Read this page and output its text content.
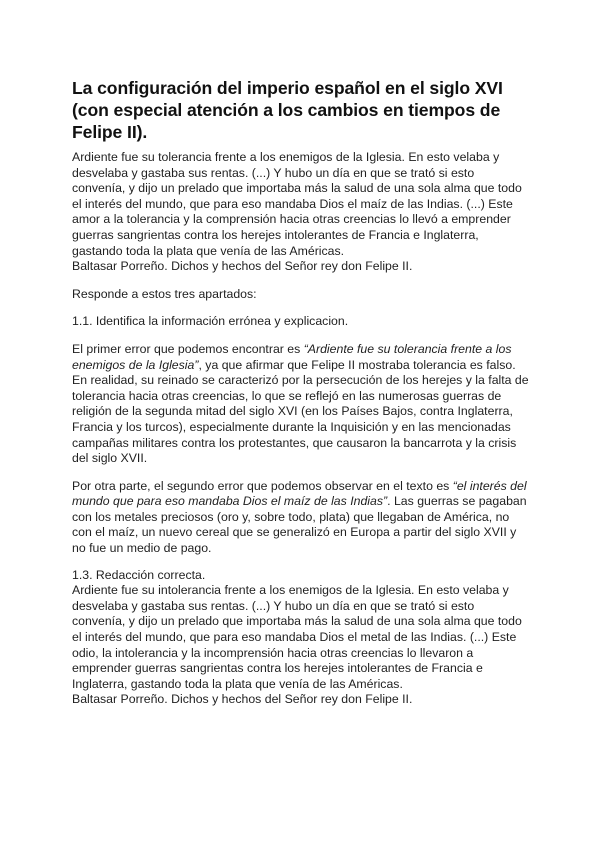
La configuración del imperio español en el siglo XVI (con especial atención a los cambios en tiempos de Felipe II).

Ardiente fue su tolerancia frente a los enemigos de la Iglesia. En esto velaba y desvelaba y gastaba sus rentas. (...) Y hubo un día en que se trató si esto convenía, y dijo un prelado que importaba más la salud de una sola alma que todo el interés del mundo, que para eso mandaba Dios el maíz de las Indias. (...) Este amor a la tolerancia y la comprensión hacia otras creencias lo llevó a emprender guerras sangrientas contra los herejes intolerantes de Francia e Inglaterra, gastando toda la plata que venía de las Américas.

Baltasar Porreño. Dichos y hechos del Señor rey don Felipe II.

Responde a estos tres apartados:

1.1. Identifica la información errónea y explicacion.

El primer error que podemos encontrar es “Ardiente fue su tolerancia frente a los enemigos de la Iglesia”, ya que afirmar que Felipe II mostraba tolerancia es falso. En realidad, su reinado se caracterizó por la persecución de los herejes y la falta de tolerancia hacia otras creencias, lo que se reflejó en las numerosas guerras de religión de la segunda mitad del siglo XVI (en los Países Bajos, contra Inglaterra, Francia y los turcos), especialmente durante la Inquisición y en las mencionadas campañas militares contra los protestantes, que causaron la bancarrota y la crisis del siglo XVII.

Por otra parte, el segundo error que podemos observar en el texto es “el interés del mundo que para eso mandaba Dios el maíz de las Indias”. Las guerras se pagaban con los metales preciosos (oro y, sobre todo, plata) que llegaban de América, no con el maíz, un nuevo cereal que se generalizó en Europa a partir del siglo XVII y no fue un medio de pago.

1.3. Redacción correcta.

Ardiente fue su intolerancia frente a los enemigos de la Iglesia. En esto velaba y desvelaba y gastaba sus rentas. (...) Y hubo un día en que se trató si esto convenía, y dijo un prelado que importaba más la salud de una sola alma que todo el interés del mundo, que para eso mandaba Dios el metal de las Indias. (...) Este odio, la intolerancia y la incomprensión hacia otras creencias lo llevaron a emprender guerras sangrientas contra los herejes intolerantes de Francia e Inglaterra, gastando toda la plata que venía de las Américas.

Baltasar Porreño. Dichos y hechos del Señor rey don Felipe II.
